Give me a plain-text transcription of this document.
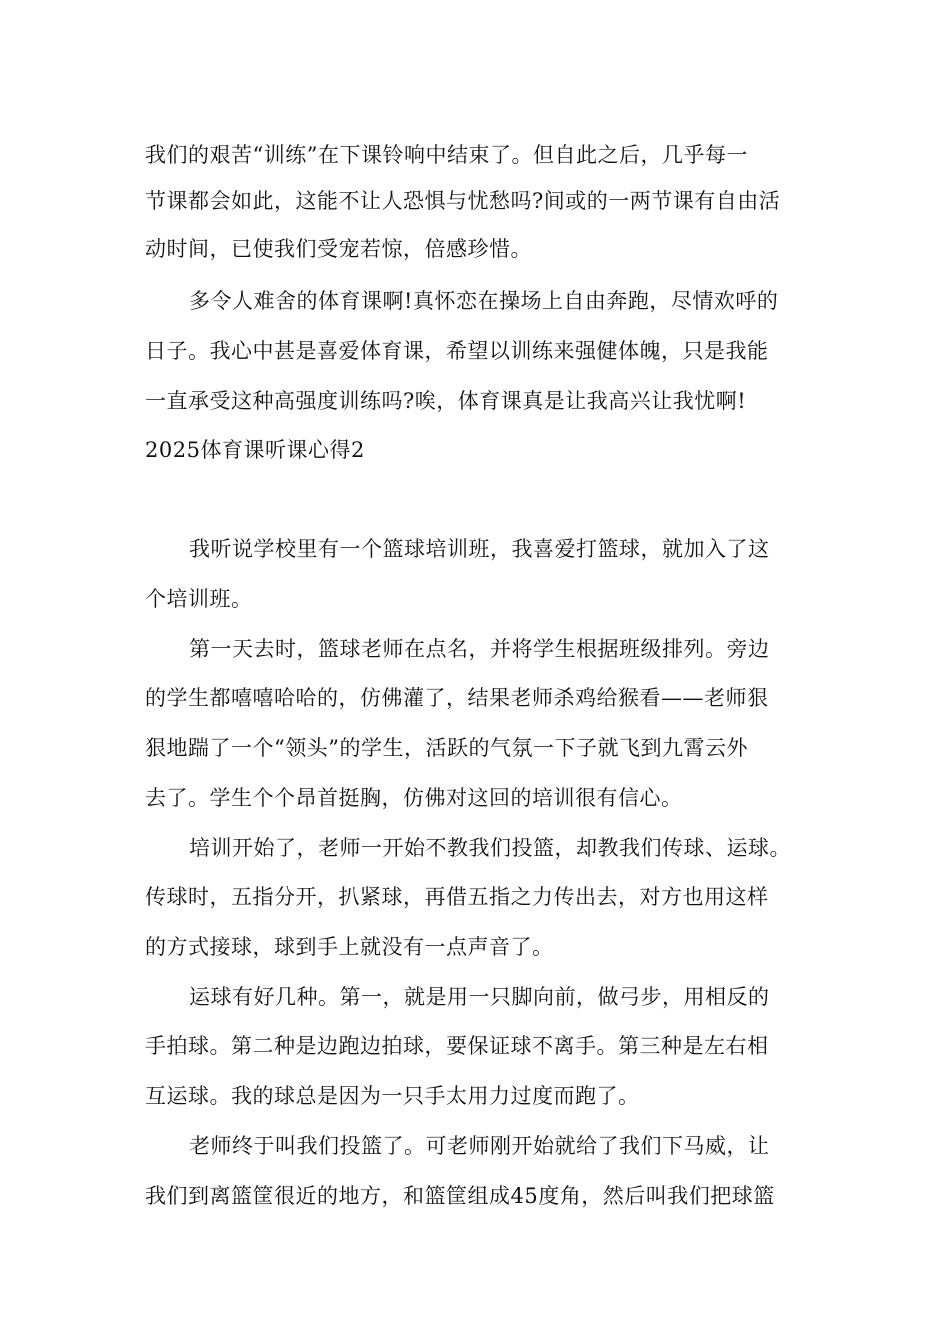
我们的艰苦“训练”在下课铃响中结束了。但自此之后，几乎每一
节课都会如此，这能不让人恐惧与忧愁吗?间或的一两节课有自由活
动时间，已使我们受宠若惊，倍感珍惜。
多令人难舍的体育课啊!真怀恋在操场上自由奔跑，尽情欢呼的
日子。我心中甚是喜爱体育课，希望以训练来强健体魄，只是我能
一直承受这种高强度训练吗?唉，体育课真是让我高兴让我忧啊!
2025体育课听课心得2
我听说学校里有一个篮球培训班，我喜爱打篮球，就加入了这
个培训班。
第一天去时，篮球老师在点名，并将学生根据班级排列。旁边
的学生都嘻嘻哈哈的，仿佛灌了，结果老师杀鸡给猴看——老师狠
狠地踹了一个“领头”的学生，活跃的气氛一下子就飞到九霄云外
去了。学生个个昂首挺胸，仿佛对这回的培训很有信心。
培训开始了，老师一开始不教我们投篮，却教我们传球、运球。
传球时，五指分开，扒紧球，再借五指之力传出去，对方也用这样
的方式接球，球到手上就没有一点声音了。
运球有好几种。第一，就是用一只脚向前，做弓步，用相反的
手拍球。第二种是边跑边拍球，要保证球不离手。第三种是左右相
互运球。我的球总是因为一只手太用力过度而跑了。
老师终于叫我们投篮了。可老师刚开始就给了我们下马威，让
我们到离篮筐很近的地方，和篮筐组成45度角，然后叫我们把球篮
